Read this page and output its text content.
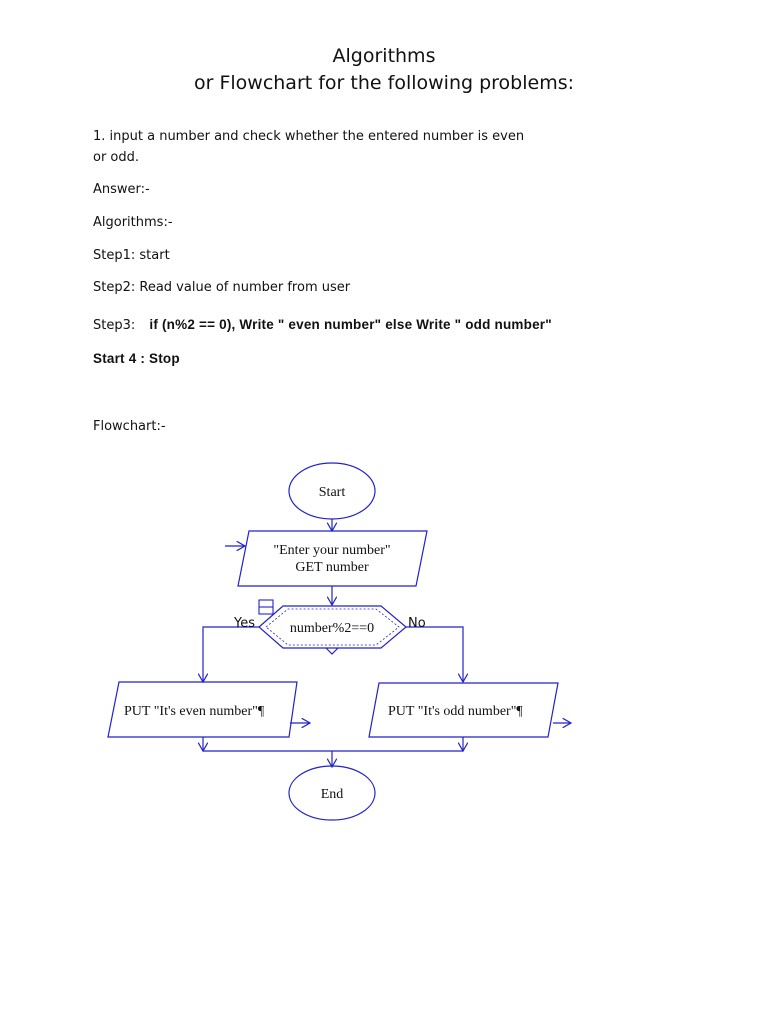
Algorithms
or Flowchart for the following problems:
1. input a number and check whether the entered number is even
or odd.
Answer:-
Algorithms:-
Step1: start
Step2: Read value of number from user
Step3: if (n%2 == 0), Write " even number" else Write " odd number"
Start 4 : Stop
Flowchart:-
Start
"Enter your number"
GET number
number%2==0
Yes	No
PUT "It's even number"¶	PUT "It's odd number"¶
End
